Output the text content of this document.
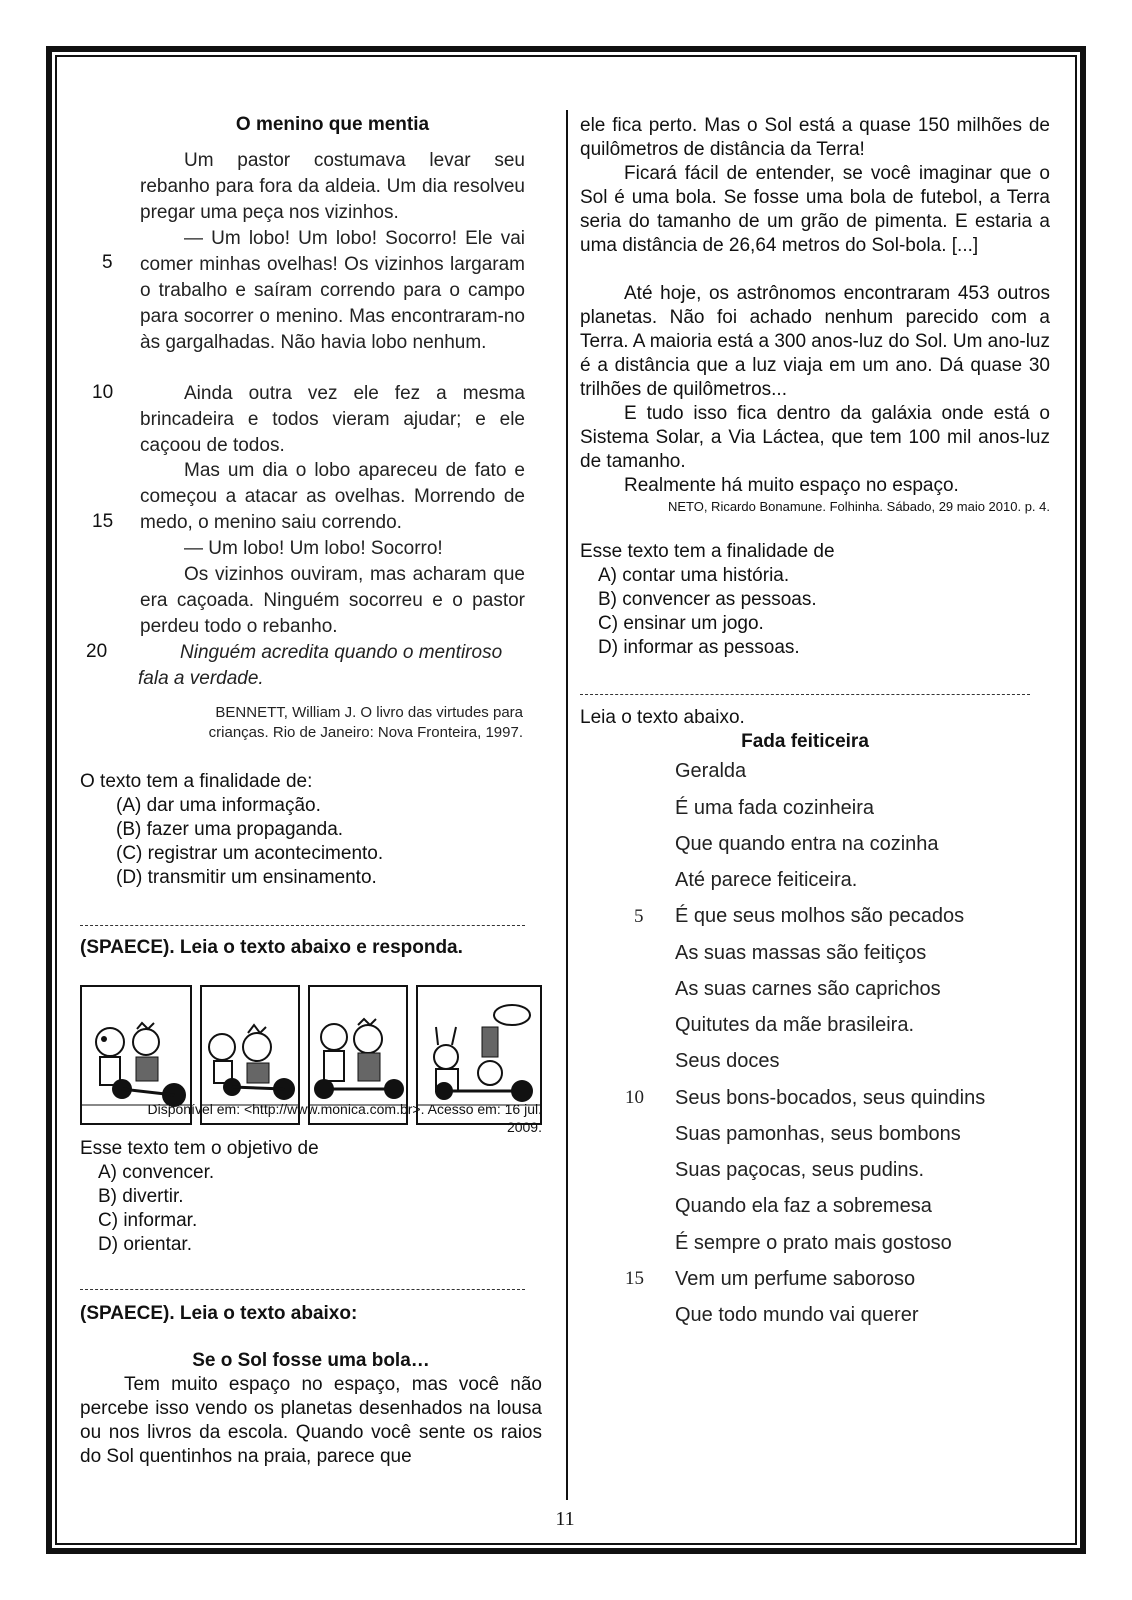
O menino que mentia

Um pastor costumava levar seu rebanho para fora da aldeia. Um dia resolveu pregar uma peça nos vizinhos.

— Um lobo! Um lobo! Socorro! Ele vai

comer minhas ovelhas! Os vizinhos largaram o trabalho e saíram correndo para o campo para socorrer o menino. Mas encontraram-no às gargalhadas. Não havia lobo nenhum.

Ainda outra vez ele fez a mesma brincadeira e todos vieram ajudar; e ele caçoou de todos.

Mas um dia o lobo apareceu de fato e começou a atacar as ovelhas. Morrendo de

medo, o menino saiu correndo.

— Um lobo! Um lobo! Socorro!

Os vizinhos ouviram, mas acharam que era caçoada. Ninguém socorreu e o pastor perdeu todo o rebanho.

Ninguém acredita quando o mentiroso

fala a verdade.

BENNETT, William J. O livro das virtudes para

crianças. Rio de Janeiro: Nova Fronteira, 1997.

5
10
15
20

O texto tem a finalidade de:

(A) dar uma informação.

(B) fazer uma propaganda.

(C) registrar um acontecimento.

(D) transmitir um ensinamento.

(SPAECE). Leia o texto abaixo e responda.

Disponível em: <http://www.monica.com.br>. Acesso em: 16 jul.

2009.

Esse texto tem o objetivo de

A) convencer.

B) divertir.

C) informar.

D) orientar.

(SPAECE). Leia o texto abaixo:

Se o Sol fosse uma bola…

Tem muito espaço no espaço, mas você não percebe isso vendo os planetas desenhados na lousa ou nos livros da escola. Quando você sente os raios do Sol quentinhos na praia, parece que

ele fica perto. Mas o Sol está a quase 150 milhões de quilômetros de distância da Terra!

Ficará fácil de entender, se você imaginar que o Sol é uma bola. Se fosse uma bola de futebol, a Terra seria do tamanho de um grão de pimenta. E estaria a uma distância de 26,64 metros do Sol-bola. [...]

Até hoje, os astrônomos encontraram 453 outros planetas. Não foi achado nenhum parecido com a Terra. A maioria está a 300 anos-luz do Sol. Um ano-luz é a distância que a luz viaja em um ano. Dá quase 30 trilhões de quilômetros...

E tudo isso fica dentro da galáxia onde está o Sistema Solar, a Via Láctea, que tem 100 mil anos-luz de tamanho.

Realmente há muito espaço no espaço.

NETO, Ricardo Bonamune. Folhinha. Sábado, 29 maio 2010. p. 4.

Esse texto tem a finalidade de

A) contar uma história.

B) convencer as pessoas.

C) ensinar um jogo.

D) informar as pessoas.

Leia o texto abaixo.

Fada feiticeira

Geralda
É uma fada cozinheira
Que quando entra na cozinha
Até parece feiticeira.
É que seus molhos são pecados
As suas massas são feitiços
As suas carnes são caprichos
Quitutes da mãe brasileira.
Seus doces
Seus bons-bocados, seus quindins
Suas pamonhas, seus bombons
Suas paçocas, seus pudins.
Quando ela faz a sobremesa
É sempre o prato mais gostoso
Vem um perfume saboroso
Que todo mundo vai querer
5
10
15

11
